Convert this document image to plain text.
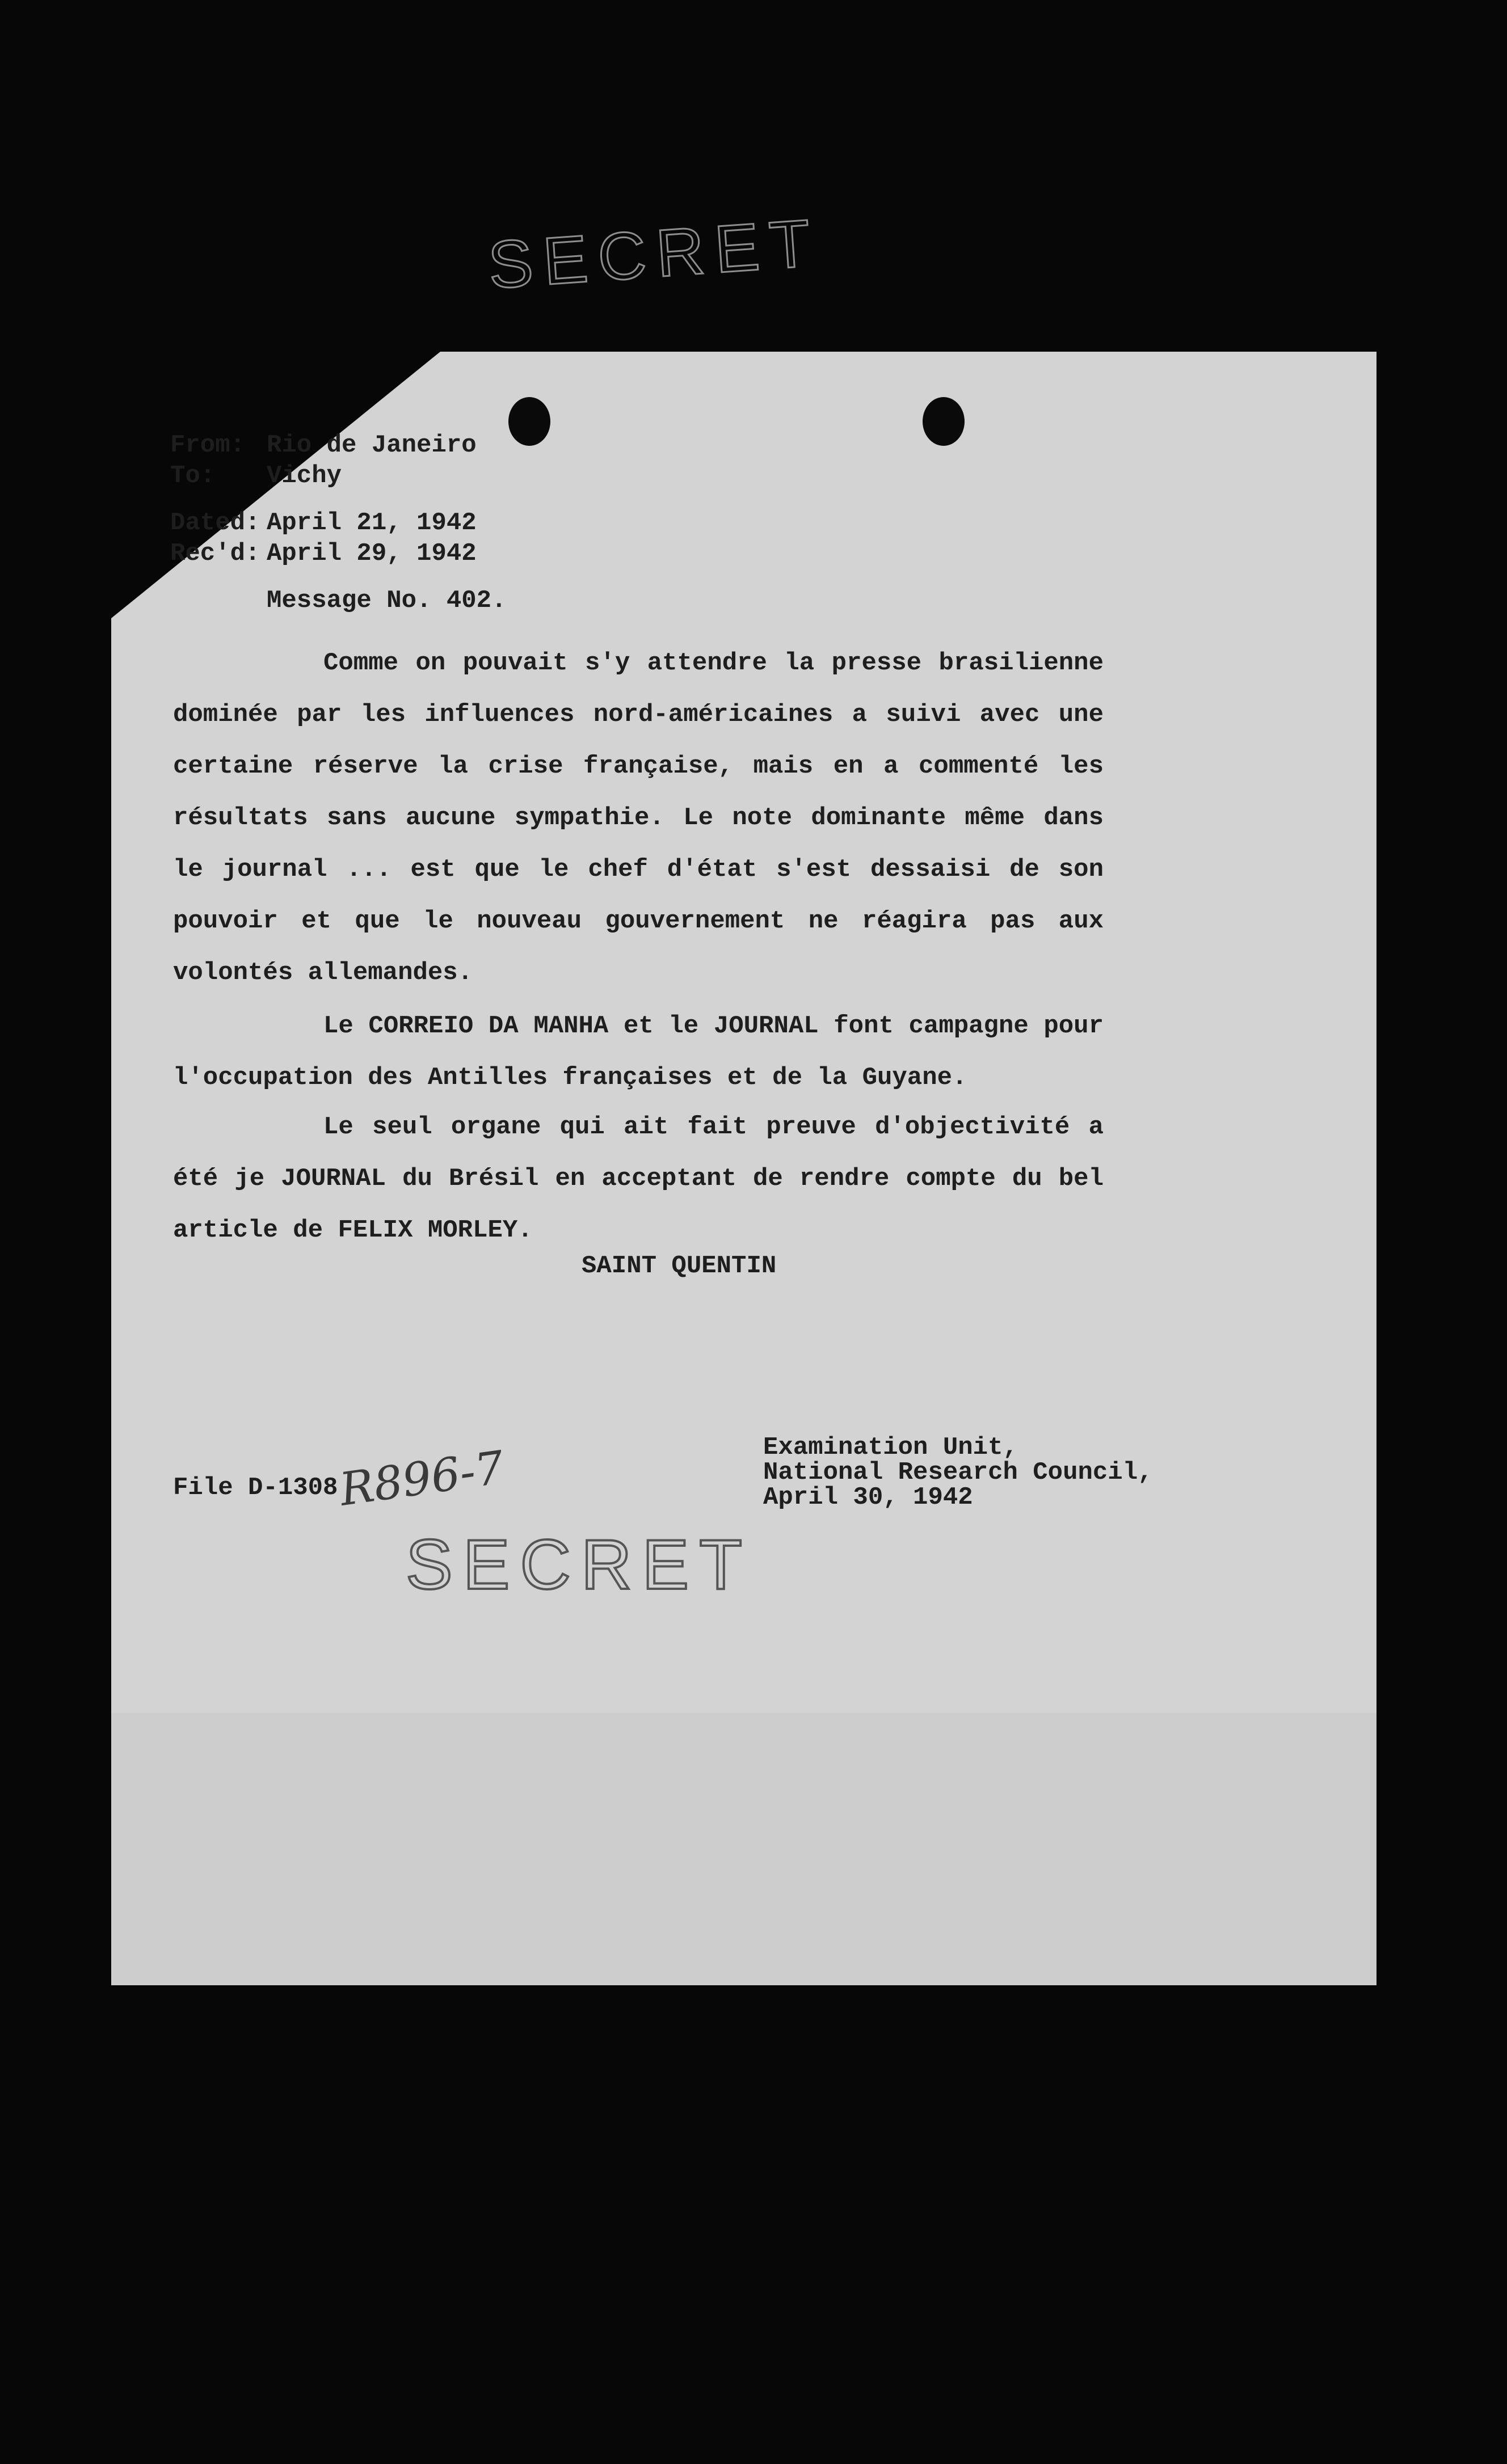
SECRET
From: Rio de Janeiro
To: Vichy
Dated: April 21, 1942
Rec'd: April 29, 1942
Message No. 402.

Comme on pouvait s'y attendre la presse brasilienne dominée par les influences nord-américaines a suivi avec une certaine réserve la crise française, mais en a commenté les résultats sans aucune sympathie. Le note dominante même dans le journal ... est que le chef d'état s'est dessaisi de son pouvoir et que le nouveau gouvernement ne réagira pas aux volontés allemandes.

Le CORREIO DA MANHA et le JOURNAL font campagne pour l'occupation des Antilles françaises et de la Guyane.

Le seul organe qui ait fait preuve d'objectivité a été je JOURNAL du Brésil en acceptant de rendre compte du bel article de FELIX MORLEY.

SAINT QUENTIN
Examination Unit,
National Research Council,
April 30, 1942
File D-1308
R896-7
SECRET
